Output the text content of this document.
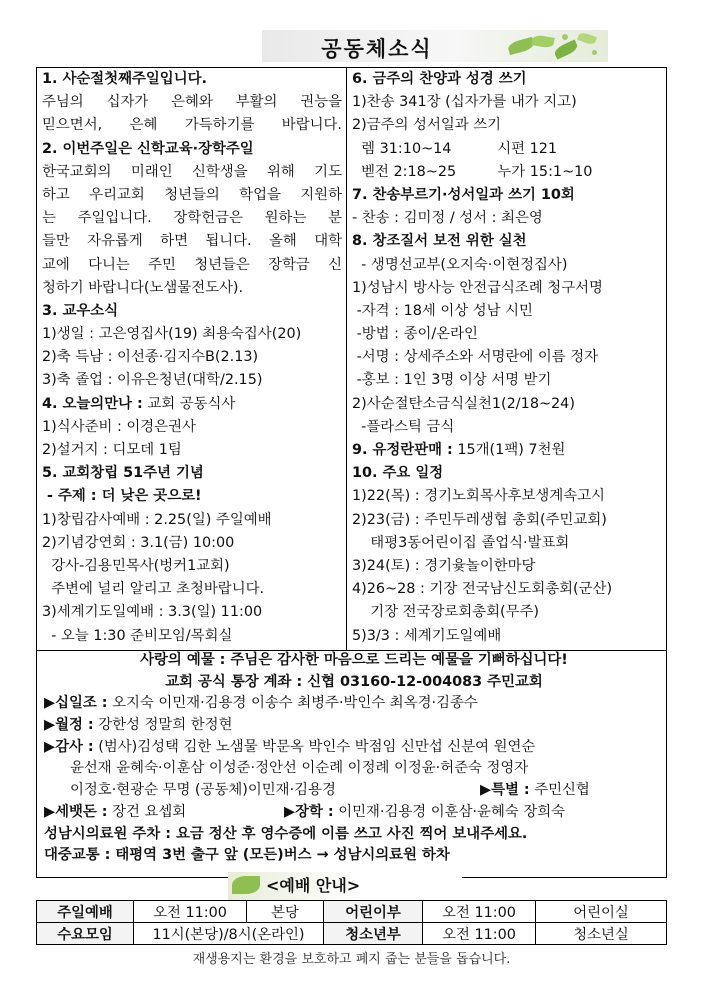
공동체소식
1. 사순절첫째주일입니다.
주님의 십자가 은혜와 부활의 권능을
믿으면서, 은혜 가득하기를 바랍니다.
2. 이번주일은 신학교육·장학주일
한국교회의 미래인 신학생을 위해 기도
하고 우리교회 청년들의 학업을 지원하
는 주일입니다. 장학헌금은 원하는 분
들만 자유롭게 하면 됩니다. 올해 대학
교에 다니는 주민 청년들은 장학금 신
청하기 바랍니다(노샘물전도사).
3. 교우소식
1)생일 : 고은영집사(19) 최용숙집사(20)
2)축 득남 : 이선종·김지수B(2.13)
3)축 졸업 : 이유은청년(대학/2.15)
4. 오늘의만나 : 교회 공동식사
1)식사준비 : 이경은권사
2)설거지 : 디모데 1팀
5. 교회창립 51주년 기념
- 주제 : 더 낮은 곳으로!
1)창립감사예배 : 2.25(일) 주일예배
2)기념강연회 : 3.1(금) 10:00
강사-김용민목사(벙커1교회)
주변에 널리 알리고 초청바랍니다.
3)세계기도일예배 : 3.3(일) 11:00
- 오늘 1:30 준비모임/목회실
6. 금주의 찬양과 성경 쓰기
1)찬송 341장 (십자가를 내가 지고)
2)금주의 성서일과 쓰기
렘 31:10~14          시편 121
벧전 2:18~25         누가 15:1~10
7. 찬송부르기·성서일과 쓰기 10회
- 찬송 : 김미정 / 성서 : 최은영
8. 창조질서 보전 위한 실천
- 생명선교부(오지숙·이현정집사)
1)성남시 방사능 안전급식조례 청구서명
-자격 : 18세 이상 성남 시민
-방법 : 종이/온라인
-서명 : 상세주소와 서명란에 이름 정자
-홍보 : 1인 3명 이상 서명 받기
2)사순절탄소금식실천1(2/18~24)
-플라스틱 금식
9. 유정란판매 : 15개(1팩) 7천원
10. 주요 일정
1)22(목) : 경기노회목사후보생계속고시
2)23(금) : 주민두레생협 총회(주민교회)
태평3동어린이집 졸업식·발표회
3)24(토) : 경기윷놀이한마당
4)26~28 : 기장 전국남신도회총회(군산)
기장 전국장로회총회(무주)
5)3/3 : 세계기도일예배
사랑의 예물 : 주님은 감사한 마음으로 드리는 예물을 기뻐하십니다!
교회 공식 통장 계좌 : 신협 03160-12-004083 주민교회
▶십일조 : 오지숙 이민재·김용경 이송수 최병주·박인수 최옥경·김종수
▶월정 : 강한성 정말희 한정현
▶감사 : (범사)김성택 김한 노샘물 박문옥 박인수 박점임 신만섭 신분여 원연순
윤선재 윤혜숙·이훈삼 이성준·정안선 이순례 이정례 이정윤·허준숙 정영자
이정호·현광순 무명 (공동체)이민재·김용경	▶특별 : 주민신협
▶세뱃돈 : 장건 요셉회	▶장학 : 이민재·김용경 이훈삼·윤혜숙 장희숙
성남시의료원 주차 : 요금 정산 후 영수증에 이름 쓰고 사진 찍어 보내주세요.
대중교통 : 태평역 3번 출구 앞 (모든)버스 → 성남시의료원 하차
<예배 안내>
주일예배	오전 11:00	본당	어린이부	오전 11:00	어린이실
수요모임	11시(본당)/8시(온라인)		청소년부	오전 11:00	청소년실
재생용지는 환경을 보호하고 폐지 줍는 분들을 돕습니다.
